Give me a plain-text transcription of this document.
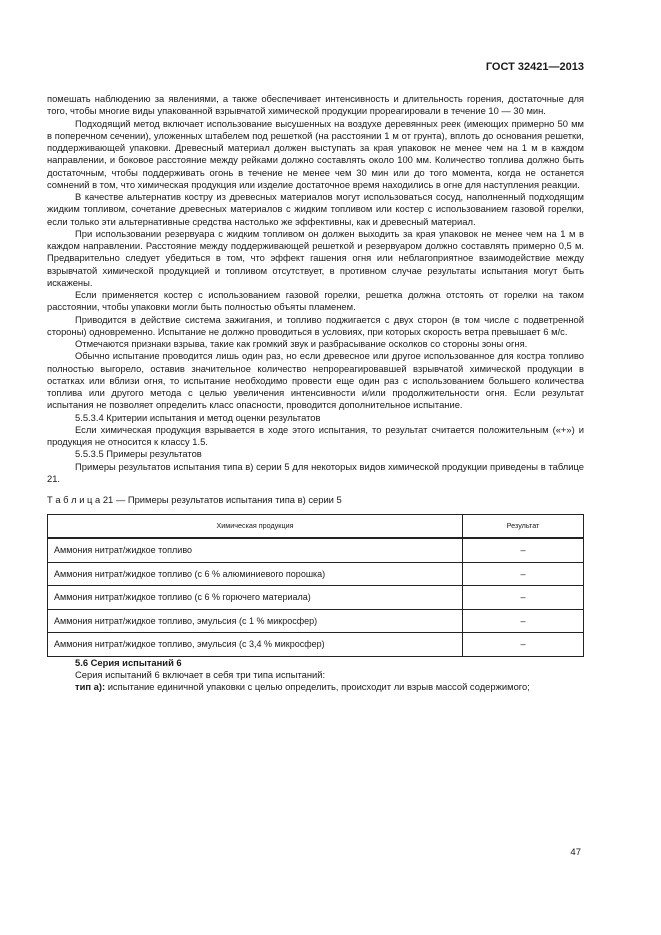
ГОСТ 32421—2013

помешать наблюдению за явлениями, а также обеспечивает интенсивность и длительность горения, достаточные для того, чтобы многие виды упакованной взрывчатой химической продукции прореагировали в течение 10 — 30 мин.

Подходящий метод включает использование высушенных на воздухе деревянных реек (имеющих примерно 50 мм в поперечном сечении), уложенных штабелем под решеткой (на расстоянии 1 м от грунта), вплоть до основания решетки, поддерживающей упаковки. Древесный материал должен выступать за края упаковок не менее чем на 1 м в каждом направлении, и боковое расстояние между рейками должно составлять около 100 мм. Количество топлива должно быть достаточным, чтобы поддерживать огонь в течение не менее чем 30 мин или до того момента, когда не останется сомнений в том, что химическая продукция или изделие достаточное время находились в огне для наступления реакции.

В качестве альтернатив костру из древесных материалов могут использоваться сосуд, наполненный подходящим жидким топливом, сочетание древесных материалов с жидким топливом или костер с использованием газовой горелки, если только эти альтернативные средства настолько же эффективны, как и древесный материал.

При использовании резервуара с жидким топливом он должен выходить за края упаковок не менее чем на 1 м в каждом направлении. Расстояние между поддерживающей решеткой и резервуаром должно составлять примерно 0,5 м. Предварительно следует убедиться в том, что эффект гашения огня или неблагоприятное взаимодействие между взрывчатой химической продукцией и топливом отсутствует, в противном случае результаты испытания могут быть искажены.

Если применяется костер с использованием газовой горелки, решетка должна отстоять от горелки на таком расстоянии, чтобы упаковки могли быть полностью объяты пламенем.

Приводится в действие система зажигания, и топливо поджигается с двух сторон (в том числе с подветренной стороны) одновременно. Испытание не должно проводиться в условиях, при которых скорость ветра превышает 6 м/с.

Отмечаются признаки взрыва, такие как громкий звук и разбрасывание осколков со стороны зоны огня.

Обычно испытание проводится лишь один раз, но если древесное или другое использованное для костра топливо полностью выгорело, оставив значительное количество непрореагировавшей взрывчатой химической продукции в остатках или вблизи огня, то испытание необходимо провести еще один раз с использованием большего количества топлива или другого метода с целью увеличения интенсивности и/или продолжительности огня. Если результат испытания не позволяет определить класс опасности, проводится дополнительное испытание.

5.5.3.4 Критерии испытания и метод оценки результатов

Если химическая продукция взрывается в ходе этого испытания, то результат считается положительным («+») и продукция не относится к классу 1.5.

5.5.3.5 Примеры результатов

Примеры результатов испытания типа в) серии 5 для некоторых видов химической продукции приведены в таблице 21.

Т а б л и ц а 21 — Примеры результатов испытания типа в) серии 5
Химическая продукция	Результат
Аммония нитрат/жидкое топливо	–
Аммония нитрат/жидкое топливо (с 6 % алюминиевого порошка)	–
Аммония нитрат/жидкое топливо (с 6 % горючего материала)	–
Аммония нитрат/жидкое топливо, эмульсия (с 1 % микросфер)	–
Аммония нитрат/жидкое топливо, эмульсия (с 3,4 % микросфер)	–

5.6 Серия испытаний 6

Серия испытаний 6 включает в себя три типа испытаний:

тип а): испытание единичной упаковки с целью определить, происходит ли взрыв массой содержимого;

47
